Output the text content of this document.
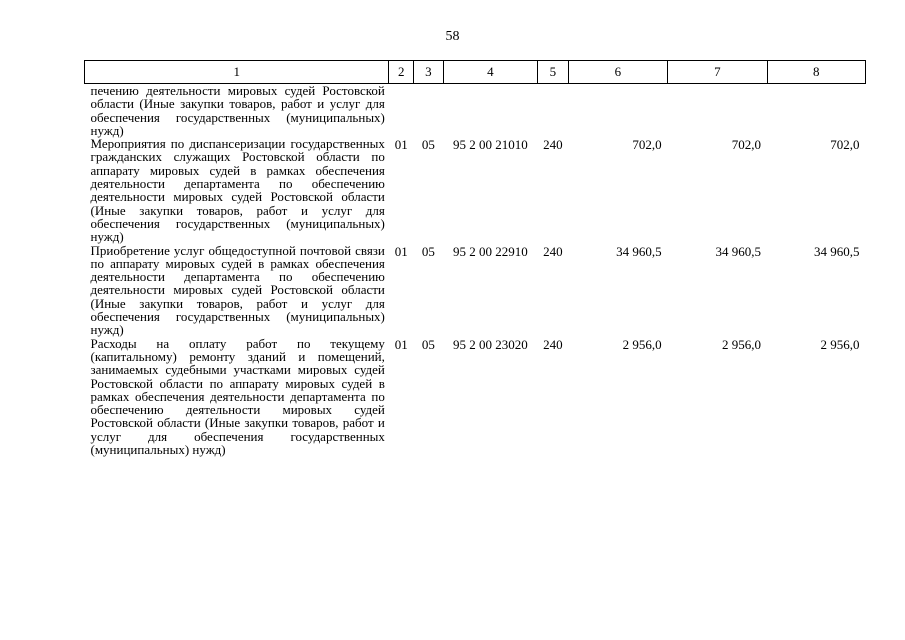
58
1	2	3	4	5	6	7	8
печению деятельности мировых судей Ростовской области (Иные закупки товаров, работ и услуг для обеспечения государственных (муниципальных) нужд)							
Мероприятия по диспансеризации государственных гражданских служащих Ростовской области по аппарату мировых судей в рамках обеспечения деятельности департамента по обеспечению деятельности мировых судей Ростовской области (Иные закупки товаров, работ и услуг для обеспечения государственных (муниципальных) нужд)	01	05	95 2 00 21010	240	702,0	702,0	702,0
Приобретение услуг общедоступной почтовой связи по аппарату мировых судей в рамках обеспечения деятельности департамента по обеспечению деятельности мировых судей Ростовской области (Иные закупки товаров, работ и услуг для обеспечения государственных (муниципальных) нужд)	01	05	95 2 00 22910	240	34 960,5	34 960,5	34 960,5
Расходы на оплату работ по текущему (капитальному) ремонту зданий и помещений, занимаемых судебными участками мировых судей Ростовской области по аппарату мировых судей в рамках обеспечения деятельности департамента по обеспечению деятельности мировых судей Ростовской области (Иные закупки товаров, работ и услуг для обеспечения государственных (муниципальных) нужд)	01	05	95 2 00 23020	240	2 956,0	2 956,0	2 956,0
